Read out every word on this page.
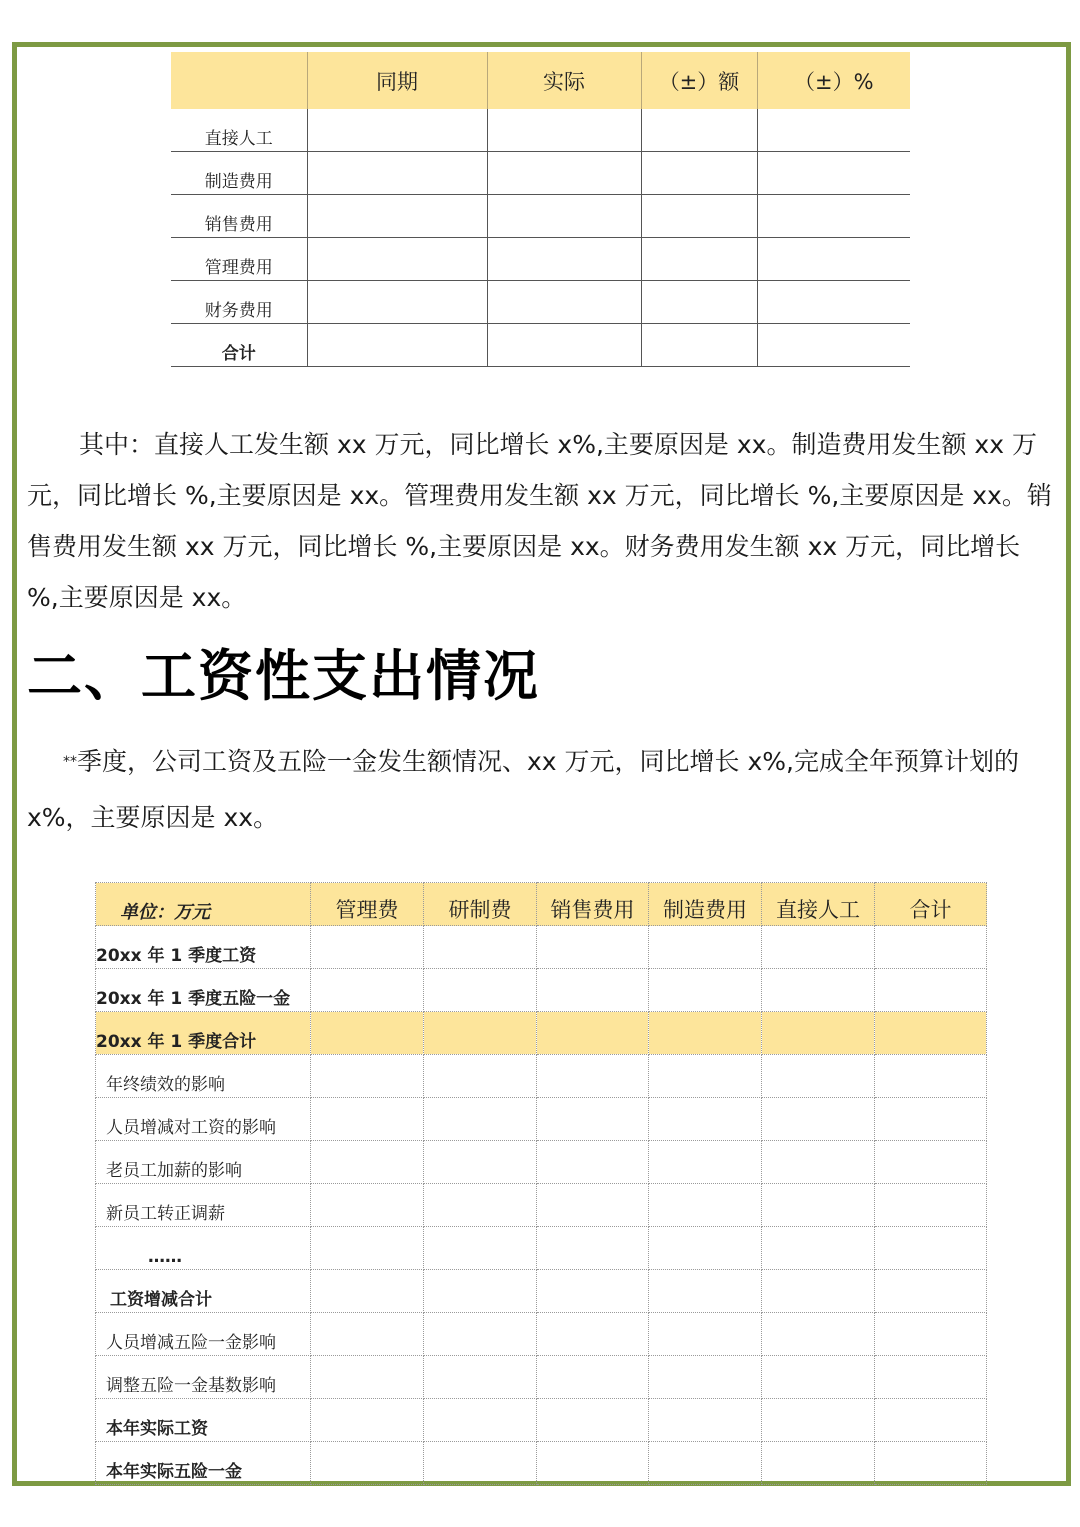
	同期	实际	（±）额	（±）%
直接人工				
制造费用				
销售费用				
管理费用				
财务费用				
合计				

其中：直接人工发生额 xx 万元，同比增长 x%,主要原因是 xx。制造费用发生额 xx 万元，同比增长 %,主要原因是 xx。管理费用发生额 xx 万元，同比增长 %,主要原因是 xx。销售费用发生额 xx 万元，同比增长 %,主要原因是 xx。财务费用发生额 xx 万元，同比增长 %,主要原因是 xx。

二、工资性支出情况

**季度，公司工资及五险一金发生额情况、xx 万元，同比增长 x%,完成全年预算计划的 x%，主要原因是 xx。

单位：万元	管理费	研制费	销售费用	制造费用	直接人工	合计
20xx 年 1 季度工资						
20xx 年 1 季度五险一金						
20xx 年 1 季度合计						
年终绩效的影响						
人员增减对工资的影响						
老员工加薪的影响						
新员工转正调薪						
……						
工资增减合计						
人员增减五险一金影响						
调整五险一金基数影响						
本年实际工资						
本年实际五险一金						
